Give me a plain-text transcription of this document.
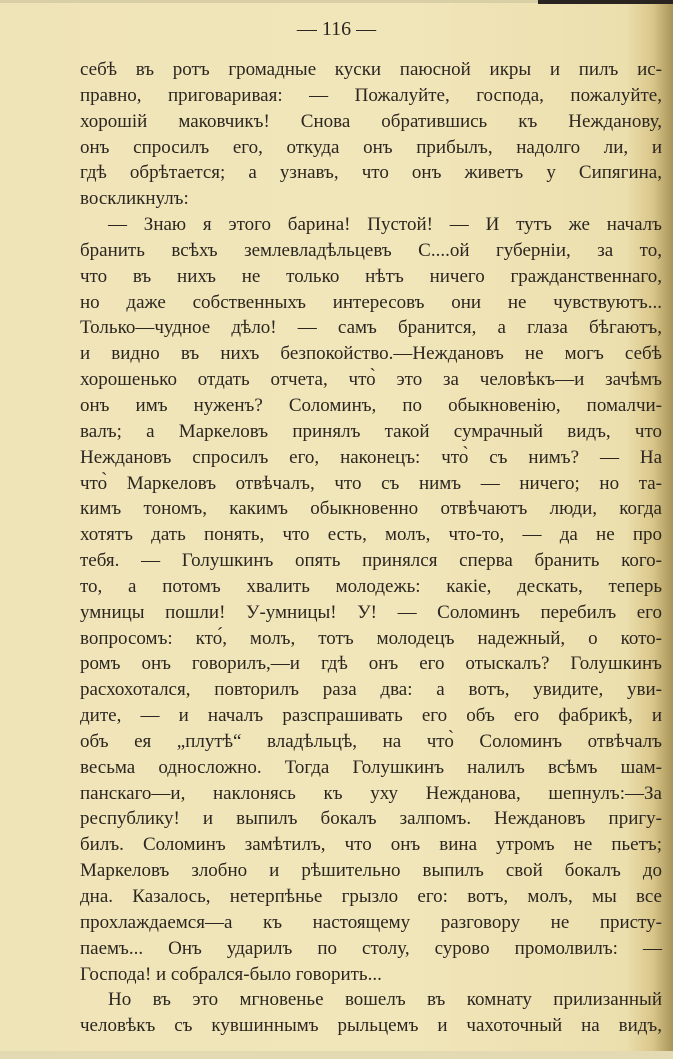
— 116 —
себѣ въ ротъ громадные куски паюсной икры и пилъ ис-
правно, приговаривая: — Пожалуйте, господа, пожалуйте,
хорошій маковчикъ! Снова обратившись къ Нежданову,
онъ спросилъ его, откуда онъ прибылъ, надолго ли, и
гдѣ обрѣтается; а узнавъ, что онъ живетъ у Сипягина,
воскликнулъ:
— Знаю я этого барина! Пустой! — И тутъ же началъ
бранить всѣхъ землевладѣльцевъ С....ой губерніи, за то,
что въ нихъ не только нѣтъ ничего гражданственнаго,
но даже собственныхъ интересовъ они не чувствуютъ...
Только—чудное дѣло! — самъ бранится, а глаза бѣгаютъ,
и видно въ нихъ безпокойство.—Неждановъ не могъ себѣ
хорошенько отдать отчета, что̀ это за человѣкъ—и зачѣмъ
онъ имъ нуженъ? Соломинъ, по обыкновенію, помалчи-
валъ; а Маркеловъ принялъ такой сумрачный видъ, что
Неждановъ спросилъ его, наконецъ: что̀ съ нимъ? — На
что̀ Маркеловъ отвѣчалъ, что съ нимъ — ничего; но та-
кимъ тономъ, какимъ обыкновенно отвѣчаютъ люди, когда
хотятъ дать понять, что есть, молъ, что-то, — да не про
тебя. — Голушкинъ опять принялся сперва бранить кого-
то, а потомъ хвалить молодежь: какіе, дескать, теперь
умницы пошли! У-умницы! У! — Соломинъ перебилъ его
вопросомъ: кто́, молъ, тотъ молодецъ надежный, о кото-
ромъ онъ говорилъ,—и гдѣ онъ его отыскалъ? Голушкинъ
расхохотался, повторилъ раза два: а вотъ, увидите, уви-
дите, — и началъ разспрашивать его объ его фабрикѣ, и
объ ея „плутѣ“ владѣльцѣ, на что̀ Соломинъ отвѣчалъ
весьма односложно. Тогда Голушкинъ налилъ всѣмъ шам-
панскаго—и, наклонясь къ уху Нежданова, шепнулъ:—За
республику! и выпилъ бокалъ залпомъ. Неждановъ пригу-
билъ. Соломинъ замѣтилъ, что онъ вина утромъ не пьетъ;
Маркеловъ злобно и рѣшительно выпилъ свой бокалъ до
дна. Казалось, нетерпѣнье грызло его: вотъ, молъ, мы все
прохлаждаемся—а къ настоящему разговору не присту-
паемъ... Онъ ударилъ по столу, сурово промолвилъ: —
Господа! и собрался-было говорить...
Но въ это мгновенье вошелъ въ комнату прилизанный
человѣкъ съ кувшиннымъ рыльцемъ и чахоточный на видъ,
